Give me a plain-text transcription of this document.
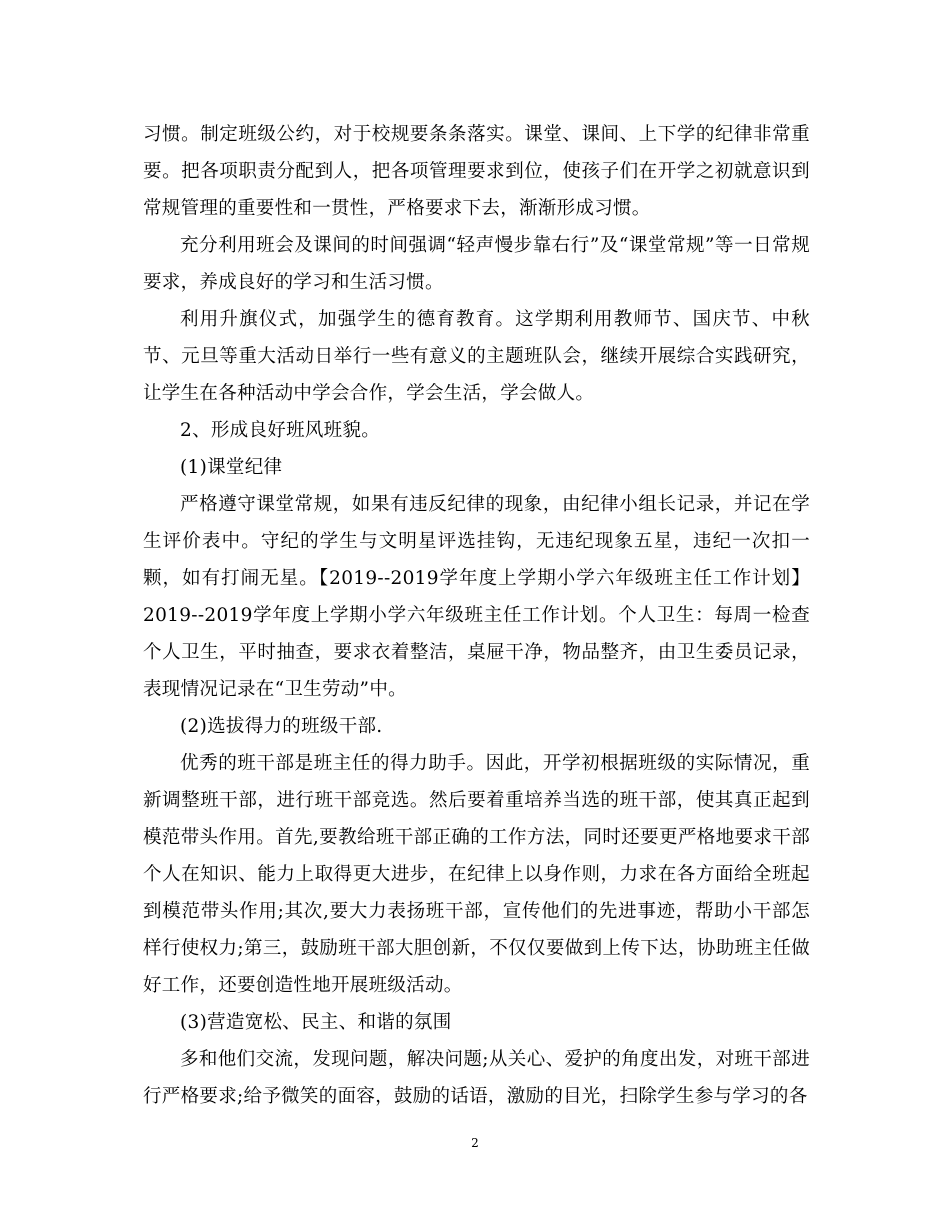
习惯。制定班级公约，对于校规要条条落实。课堂、课间、上下学的纪律非常重要。把各项职责分配到人，把各项管理要求到位，使孩子们在开学之初就意识到常规管理的重要性和一贯性，严格要求下去，渐渐形成习惯。

充分利用班会及课间的时间强调“轻声慢步靠右行”及“课堂常规”等一日常规要求，养成良好的学习和生活习惯。

利用升旗仪式，加强学生的德育教育。这学期利用教师节、国庆节、中秋节、元旦等重大活动日举行一些有意义的主题班队会，继续开展综合实践研究，让学生在各种活动中学会合作，学会生活，学会做人。

2、形成良好班风班貌。

(1)课堂纪律

严格遵守课堂常规，如果有违反纪律的现象，由纪律小组长记录，并记在学生评价表中。守纪的学生与文明星评选挂钩，无违纪现象五星，违纪一次扣一颗，如有打闹无星。【2019--2019学年度上学期小学六年级班主任工作计划】2019--2019学年度上学期小学六年级班主任工作计划。个人卫生：每周一检查个人卫生，平时抽查，要求衣着整洁，桌屉干净，物品整齐，由卫生委员记录，表现情况记录在“卫生劳动”中。

(2)选拔得力的班级干部.

优秀的班干部是班主任的得力助手。因此，开学初根据班级的实际情况，重新调整班干部，进行班干部竞选。然后要着重培养当选的班干部，使其真正起到模范带头作用。首先,要教给班干部正确的工作方法，同时还要更严格地要求干部个人在知识、能力上取得更大进步，在纪律上以身作则，力求在各方面给全班起到模范带头作用;其次,要大力表扬班干部，宣传他们的先进事迹，帮助小干部怎样行使权力;第三，鼓励班干部大胆创新，不仅仅要做到上传下达，协助班主任做好工作，还要创造性地开展班级活动。

(3)营造宽松、民主、和谐的氛围

多和他们交流，发现问题，解决问题;从关心、爱护的角度出发，对班干部进行严格要求;给予微笑的面容，鼓励的话语，激励的目光，扫除学生参与学习的各

2
